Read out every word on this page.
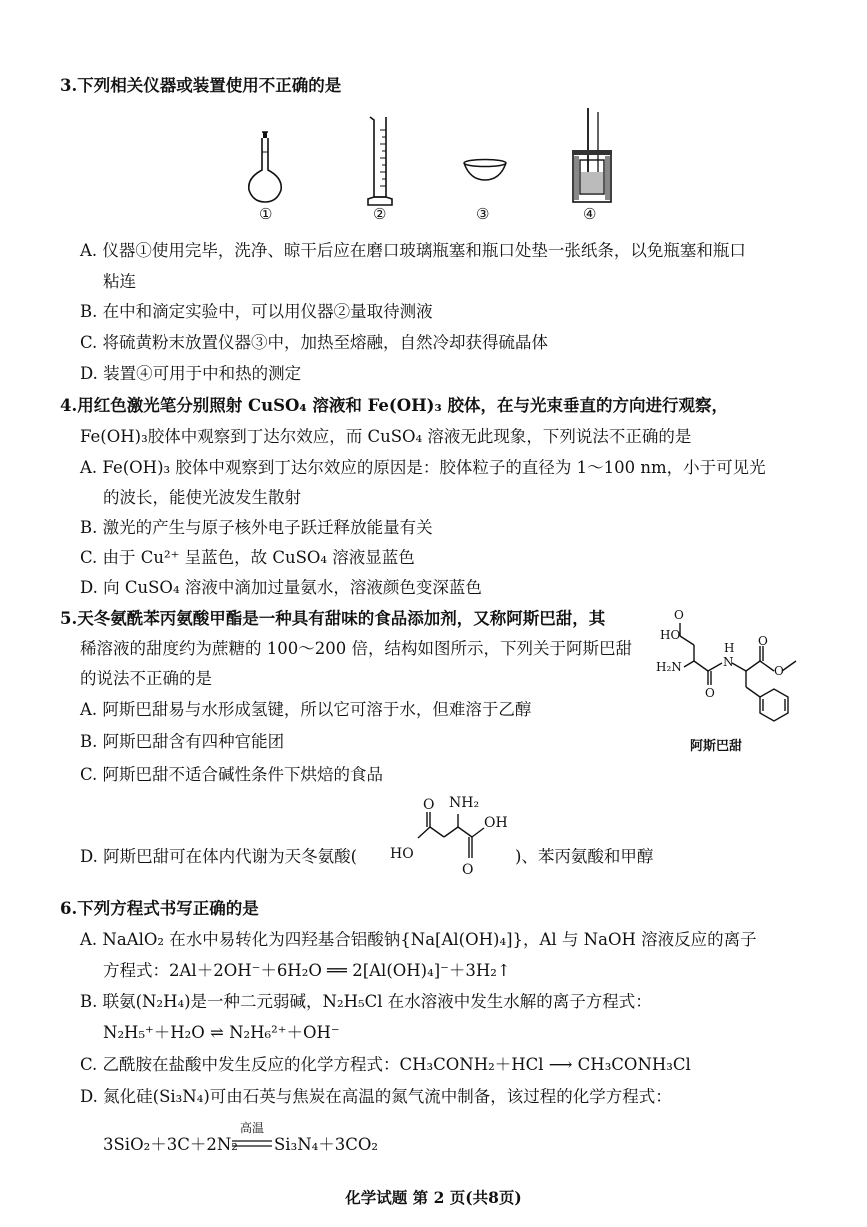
3.下列相关仪器或装置使用不正确的是
①	②	③	④
A. 仪器①使用完毕，洗净、晾干后应在磨口玻璃瓶塞和瓶口处垫一张纸条，以免瓶塞和瓶口
粘连
B. 在中和滴定实验中，可以用仪器②量取待测液
C. 将硫黄粉末放置仪器③中，加热至熔融，自然冷却获得硫晶体
D. 装置④可用于中和热的测定
4.用红色激光笔分别照射 CuSO₄ 溶液和 Fe(OH)₃ 胶体，在与光束垂直的方向进行观察，
Fe(OH)₃胶体中观察到丁达尔效应，而 CuSO₄ 溶液无此现象，下列说法不正确的是
A. Fe(OH)₃ 胶体中观察到丁达尔效应的原因是：胶体粒子的直径为 1～100 nm，小于可见光
的波长，能使光波发生散射
B. 激光的产生与原子核外电子跃迁释放能量有关
C. 由于 Cu²⁺ 呈蓝色，故 CuSO₄ 溶液显蓝色
D. 向 CuSO₄ 溶液中滴加过量氨水，溶液颜色变深蓝色
5.天冬氨酰苯丙氨酸甲酯是一种具有甜味的食品添加剂，又称阿斯巴甜，其
稀溶液的甜度约为蔗糖的 100～200 倍，结构如图所示，下列关于阿斯巴甜
的说法不正确的是
A. 阿斯巴甜易与水形成氢键，所以它可溶于水，但难溶于乙醇
B. 阿斯巴甜含有四种官能团
C. 阿斯巴甜不适合碱性条件下烘焙的食品
D. 阿斯巴甜可在体内代谢为天冬氨酸(	)、苯丙氨酸和甲醇
HO
O
H₂N
O
N
H O
O
阿斯巴甜
O NH₂
OH
HO
O
6.下列方程式书写正确的是
A. NaAlO₂ 在水中易转化为四羟基合铝酸钠{Na[Al(OH)₄]}，Al 与 NaOH 溶液反应的离子
方程式：2Al＋2OH⁻＋6H₂O ══ 2[Al(OH)₄]⁻＋3H₂↑
B. 联氨(N₂H₄)是一种二元弱碱，N₂H₅Cl 在水溶液中发生水解的离子方程式：
N₂H₅⁺＋H₂O ⇌ N₂H₆²⁺＋OH⁻
C. 乙酰胺在盐酸中发生反应的化学方程式：CH₃CONH₂＋HCl ⟶ CH₃CONH₃Cl
D. 氮化硅(Si₃N₄)可由石英与焦炭在高温的氮气流中制备，该过程的化学方程式：
3SiO₂＋3C＋2N₂
高温
Si₃N₄＋3CO₂
化学试题 第 2 页(共8页)
